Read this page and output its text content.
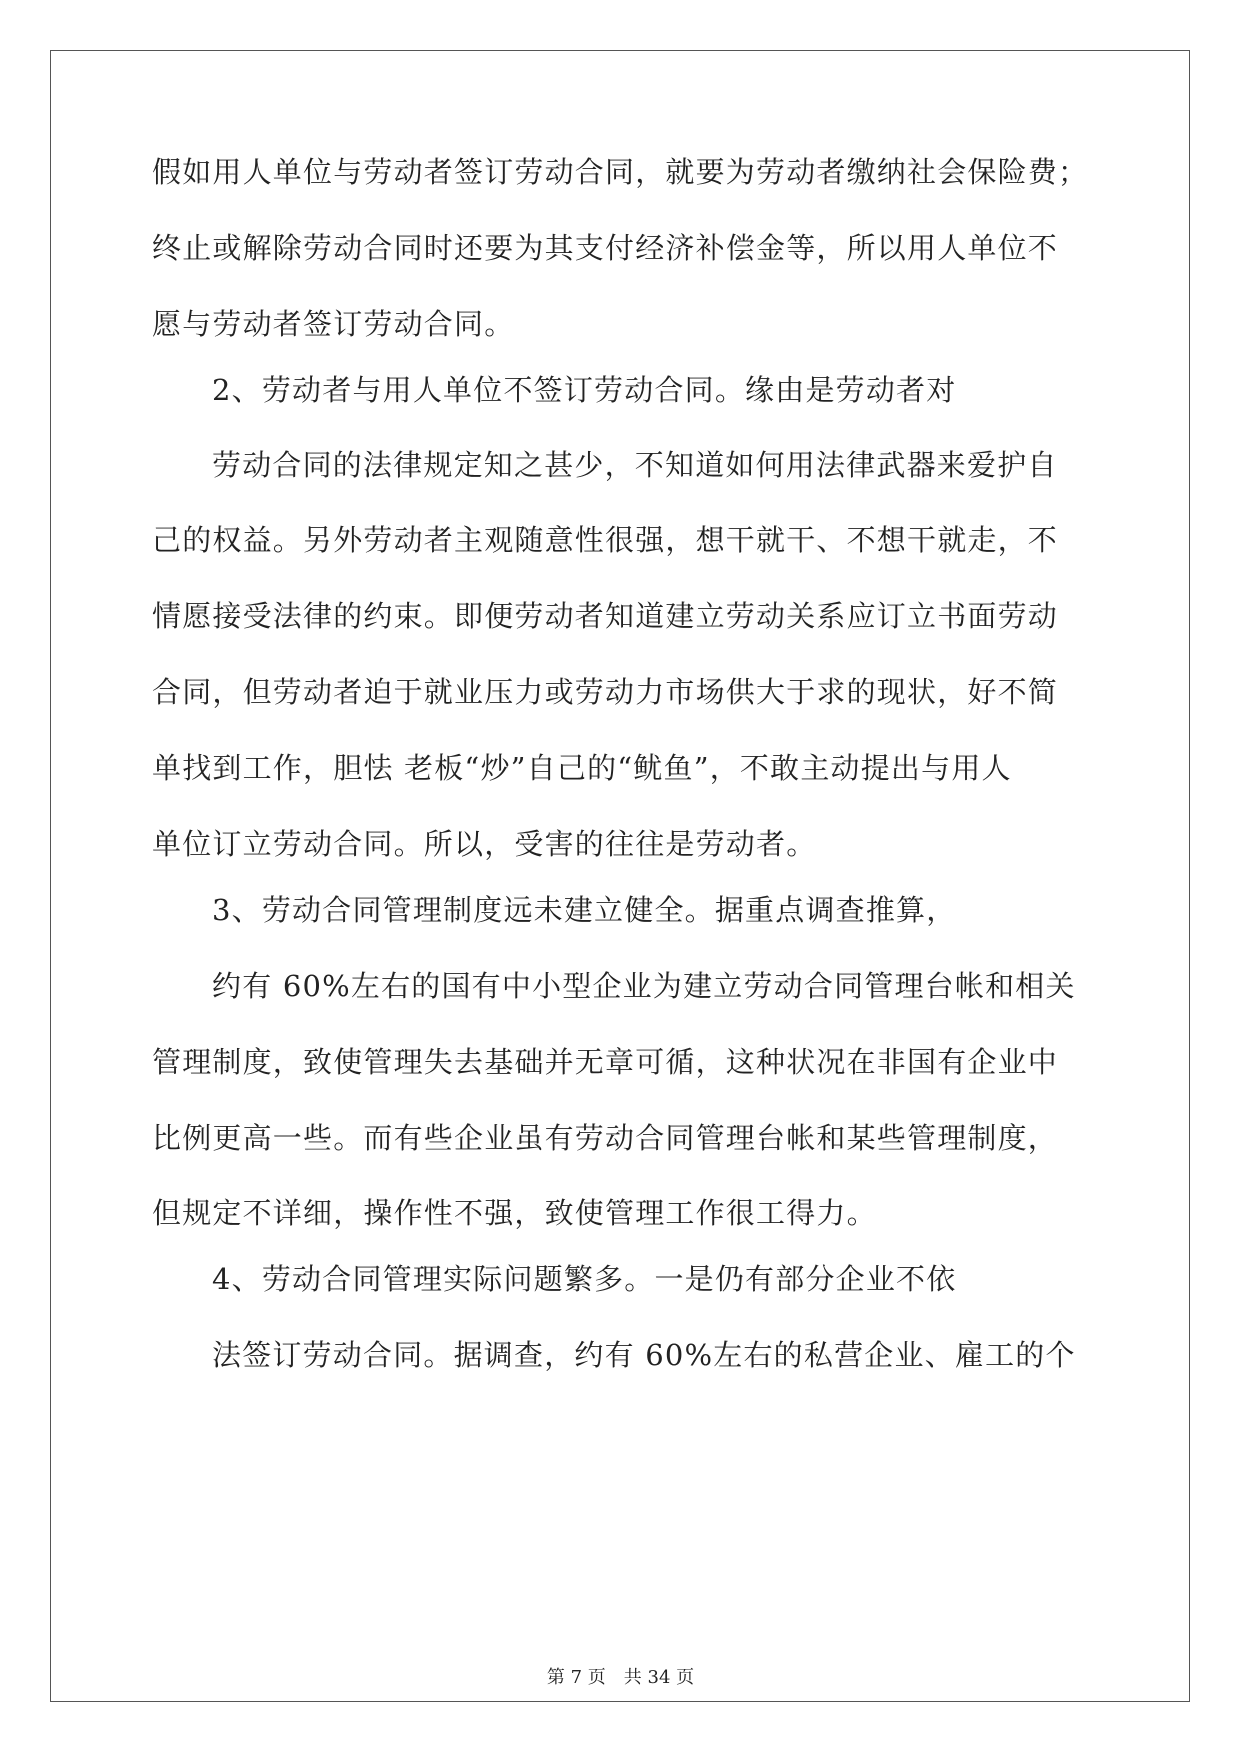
假如用人单位与劳动者签订劳动合同，就要为劳动者缴纳社会保险费；
终止或解除劳动合同时还要为其支付经济补偿金等，所以用人单位不
愿与劳动者签订劳动合同。
2、劳动者与用人单位不签订劳动合同。缘由是劳动者对
劳动合同的法律规定知之甚少，不知道如何用法律武器来爱护自
己的权益。另外劳动者主观随意性很强，想干就干、不想干就走，不
情愿接受法律的约束。即便劳动者知道建立劳动关系应订立书面劳动
合同，但劳动者迫于就业压力或劳动力市场供大于求的现状，好不简
单找到工作，胆怯 老板“炒”自己的“鱿鱼”，不敢主动提出与用人
单位订立劳动合同。所以，受害的往往是劳动者。
3、劳动合同管理制度远未建立健全。据重点调查推算，
约有 60%左右的国有中小型企业为建立劳动合同管理台帐和相关
管理制度，致使管理失去基础并无章可循，这种状况在非国有企业中
比例更高一些。而有些企业虽有劳动合同管理台帐和某些管理制度，
但规定不详细，操作性不强，致使管理工作很工得力。
4、劳动合同管理实际问题繁多。一是仍有部分企业不依
法签订劳动合同。据调查，约有 60%左右的私营企业、雇工的个
第 7 页 共 34 页
